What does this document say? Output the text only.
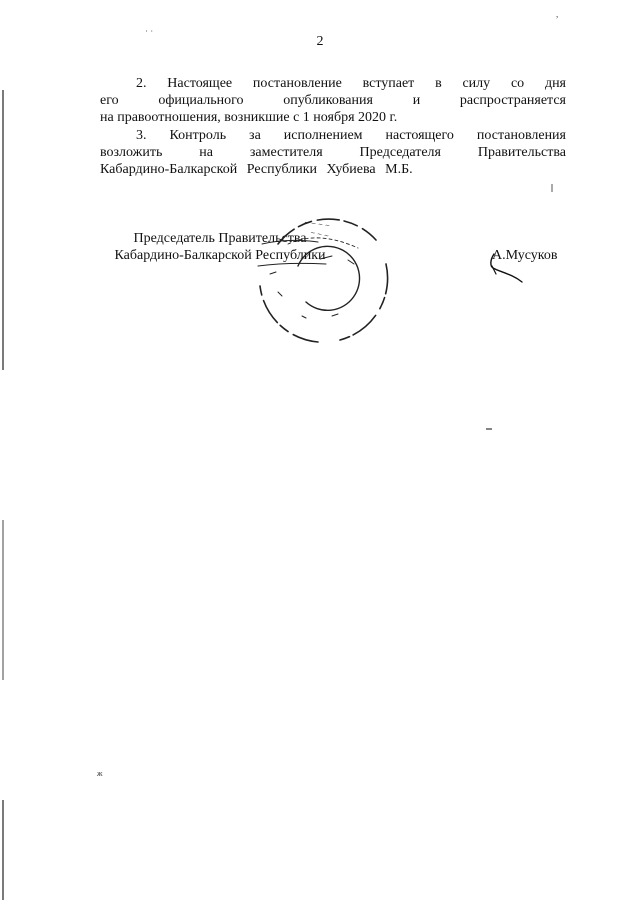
˙ ˙
,
ж
2
2. Настоящее постановление вступает в силу со дня
его официального опубликования и распространяется
на правоотношения, возникшие с 1 ноября 2020 г.
3. Контроль за исполнением настоящего постановления
возложить на заместителя Председателя Правительства
Кабардино-Балкарской Республики Хубиева М.Б.
Председатель Правительства
Кабардино-Балкарской Республики
~ ~ ~ ~
~ ~ ~
А.Мусуков
